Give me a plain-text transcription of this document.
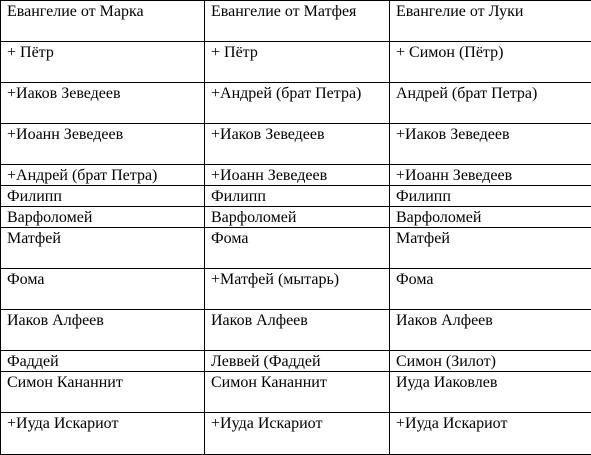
Евангелие от Марка	Евангелие от Матфея	Евангелие от Луки
+ Пётр	+ Пётр	+ Симон (Пётр)
+Иаков Зеведеев	+Андрей (брат Петра)	Андрей (брат Петра)
+Иоанн Зеведеев	+Иаков Зеведеев	+Иаков Зеведеев
+Андрей (брат Петра)	+Иоанн Зеведеев	+Иоанн Зеведеев
Филипп	Филипп	Филипп
Варфоломей	Варфоломей	Варфоломей
Матфей	Фома	Матфей
Фома	+Матфей (мытарь)	Фома
Иаков Алфеев	Иаков Алфеев	Иаков Алфеев
Фаддей	Леввей (Фаддей	Симон (Зилот)
Симон Кананнит	Симон Кананнит	Иуда Иаковлев
+Иуда Искариот	+Иуда Искариот	+Иуда Искариот
